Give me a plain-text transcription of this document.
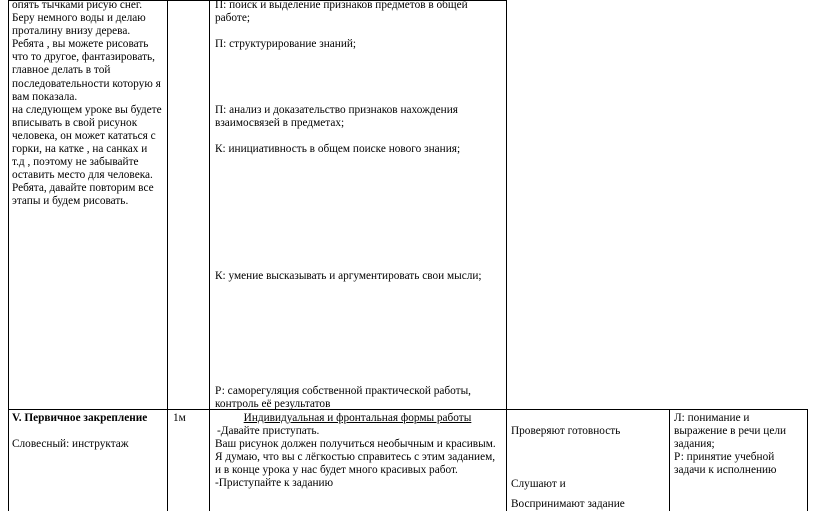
опять тычками рисую снег.
Беру немного воды и делаю
проталину внизу дерева.
Ребята , вы можете рисовать
что то другое, фантазировать,
главное делать в той
последовательности которую я
вам показала.
на следующем уроке вы будете
вписывать в свой рисунок
человека, он может кататься с
горки, на катке , на санках и
т.д , поэтому не забывайте
оставить место для человека.
Ребята, давайте повторим все
этапы и будем рисовать.
П: поиск и выделение признаков предметов в общей
работе;
П: структурирование знаний;
П: анализ и доказательство признаков нахождения
взаимосвязей в предметах;
К: инициативность в общем поиске нового знания;
К: умение высказывать и аргументировать свои мысли;
Р: саморегуляция собственной практической работы,
контроль её результатов
V. Первичное закрепление
Словесный: инструктаж
1м	Индивидуальная и фронтальная формы работы
-Давайте приступать.
Ваш рисунок должен получиться необычным и красивым.
Я думаю, что вы с лёгкостью справитесь с этим заданием,
и в конце урока у нас будет много красивых работ.
-Приступайте к заданию
Проверяют готовность
Слушают и
Воспринимают задание
Л: понимание и
выражение в речи цели
задания;
Р: принятие учебной
задачи к исполнению
